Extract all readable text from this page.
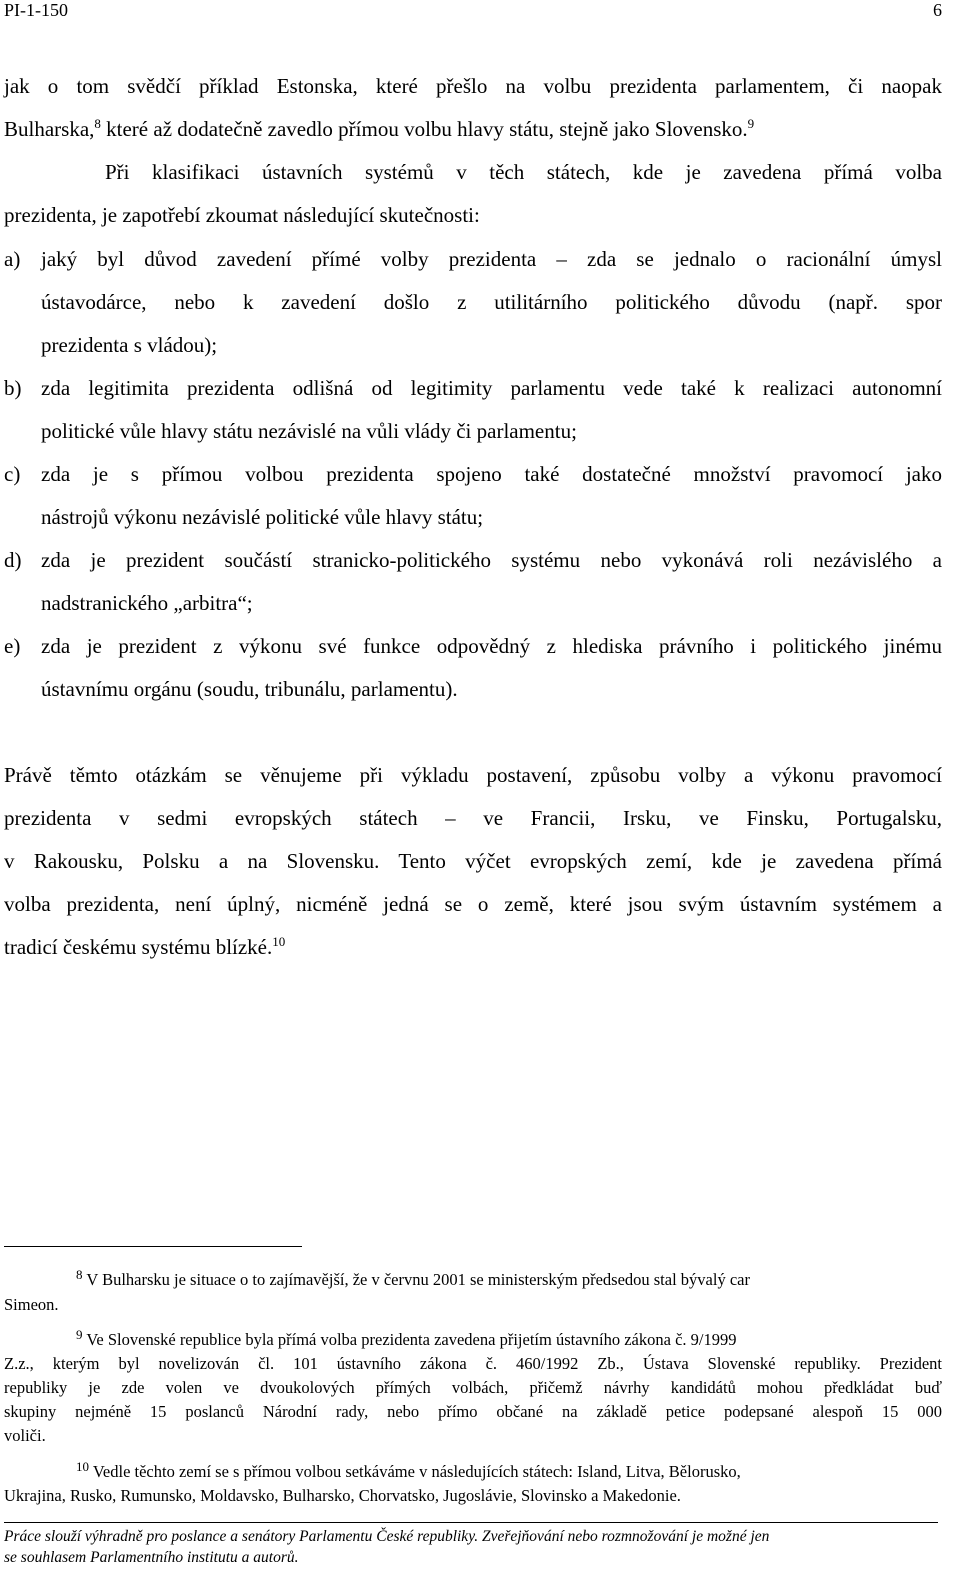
PI-1-150	6
jak o tom svědčí příklad Estonska, které přešlo na volbu prezidenta parlamentem, či naopak
Bulharska,$^8$ které až dodatečně zavedlo přímou volbu hlavy státu, stejně jako Slovensko.$^9$
Při klasifikaci ústavních systémů v těch státech, kde je zavedena přímá volba
prezidenta, je zapotřebí zkoumat následující skutečnosti:
a) jaký byl důvod zavedení přímé volby prezidenta – zda se jednalo o racionální úmysl
ústavodárce, nebo k zavedení došlo z utilitárního politického důvodu (např. spor
prezidenta s vládou);
b) zda legitimita prezidenta odlišná od legitimity parlamentu vede také k realizaci autonomní
politické vůle hlavy státu nezávislé na vůli vlády či parlamentu;
c) zda je s přímou volbou prezidenta spojeno také dostatečné množství pravomocí jako
nástrojů výkonu nezávislé politické vůle hlavy státu;
d) zda je prezident součástí stranicko-politického systému nebo vykonává roli nezávislého a
nadstranického „arbitra“;
e) zda je prezident z výkonu své funkce odpovědný z hlediska právního i politického jinému
ústavnímu orgánu (soudu, tribunálu, parlamentu).
Právě těmto otázkám se věnujeme při výkladu postavení, způsobu volby a výkonu pravomocí
prezidenta v sedmi evropských státech – ve Francii, Irsku, ve Finsku, Portugalsku,
v Rakousku, Polsku a na Slovensku. Tento výčet evropských zemí, kde je zavedena přímá
volba prezidenta, není úplný, nicméně jedná se o země, které jsou svým ústavním systémem a
tradicí českému systému blízké.$^{10}$
$^8$ V Bulharsku je situace o to zajímavější, že v červnu 2001 se ministerským předsedou stal bývalý car
Simeon.
$^9$ Ve Slovenské republice byla přímá volba prezidenta zavedena přijetím ústavního zákona č. 9/1999
Z.z., kterým byl novelizován čl. 101 ústavního zákona č. 460/1992 Zb., Ústava Slovenské republiky. Prezident
republiky je zde volen ve dvoukolových přímých volbách, přičemž návrhy kandidátů mohou předkládat buď
skupiny nejméně 15 poslanců Národní rady, nebo přímo občané na základě petice podepsané alespoň 15 000
voliči.
$^{10}$ Vedle těchto zemí se s přímou volbou setkáváme v následujících státech: Island, Litva, Bělorusko,
Ukrajina, Rusko, Rumunsko, Moldavsko, Bulharsko, Chorvatsko, Jugoslávie, Slovinsko a Makedonie.
Práce slouží výhradně pro poslance a senátory Parlamentu České republiky. Zveřejňování nebo rozmnožování je možné jen
se souhlasem Parlamentního institutu a autorů.
